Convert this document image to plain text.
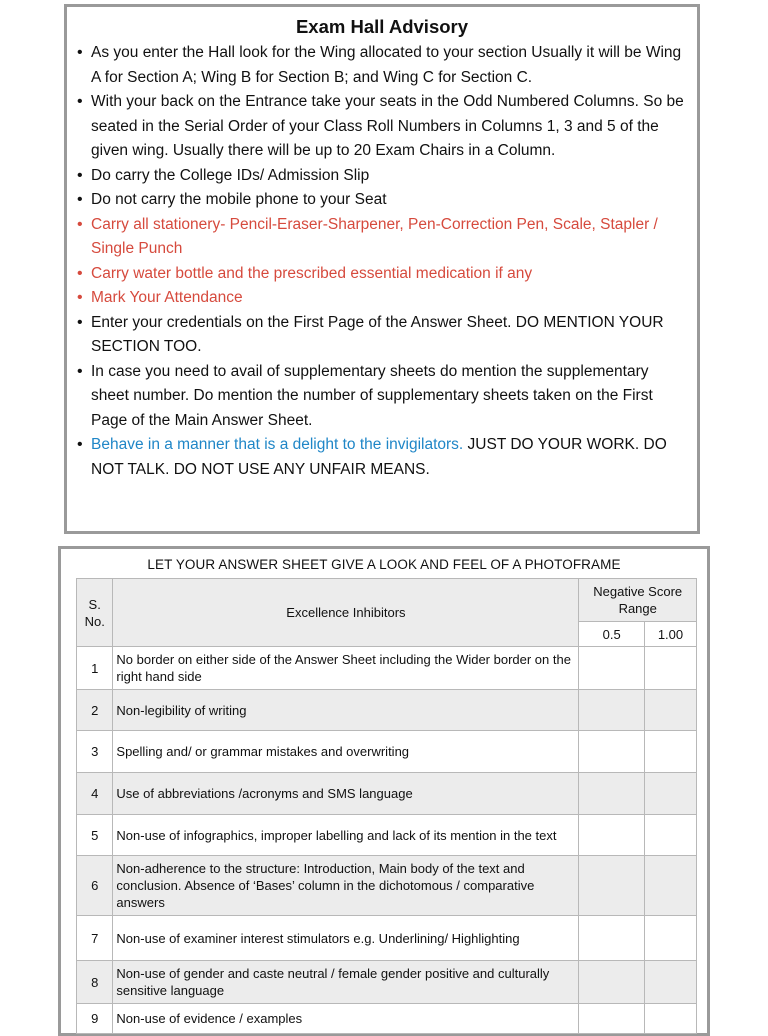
Exam Hall Advisory
• As you enter the Hall look for the Wing allocated to your section Usually it will be Wing A for Section A; Wing B for Section B; and Wing C for Section C.
• With your back on the Entrance take your seats in the Odd Numbered Columns. So be seated in the Serial Order of your Class Roll Numbers in Columns 1, 3 and 5 of the given wing. Usually there will be up to 20 Exam Chairs in a Column.
• Do carry the College IDs/ Admission Slip
• Do not carry the mobile phone to your Seat
• Carry all stationery- Pencil-Eraser-Sharpener, Pen-Correction Pen, Scale, Stapler / Single Punch
• Carry water bottle and the prescribed essential medication if any
• Mark Your Attendance
• Enter your credentials on the First Page of the Answer Sheet. DO MENTION YOUR SECTION TOO.
• In case you need to avail of supplementary sheets do mention the supplementary sheet number. Do mention the number of supplementary sheets taken on the First Page of the Main Answer Sheet.
• Behave in a manner that is a delight to the invigilators. JUST DO YOUR WORK. DO NOT TALK. DO NOT USE ANY UNFAIR MEANS.
LET YOUR ANSWER SHEET GIVE A LOOK AND FEEL OF A PHOTOFRAME
S. No.	Excellence Inhibitors	Negative Score Range	
		0.5	1.00
1	No border on either side of the Answer Sheet including the Wider border on the right hand side		
2	Non-legibility of writing		
3	Spelling and/ or grammar mistakes and overwriting		
4	Use of abbreviations /acronyms and SMS language		
5	Non-use of infographics, improper labelling and lack of its mention in the text		
6	Non-adherence to the structure: Introduction, Main body of the text and conclusion. Absence of ‘Bases’ column in the dichotomous / comparative answers		
7	Non-use of examiner interest stimulators e.g. Underlining/ Highlighting		
8	Non-use of gender and caste neutral / female gender positive and culturally sensitive language		
9	Non-use of evidence / examples		
